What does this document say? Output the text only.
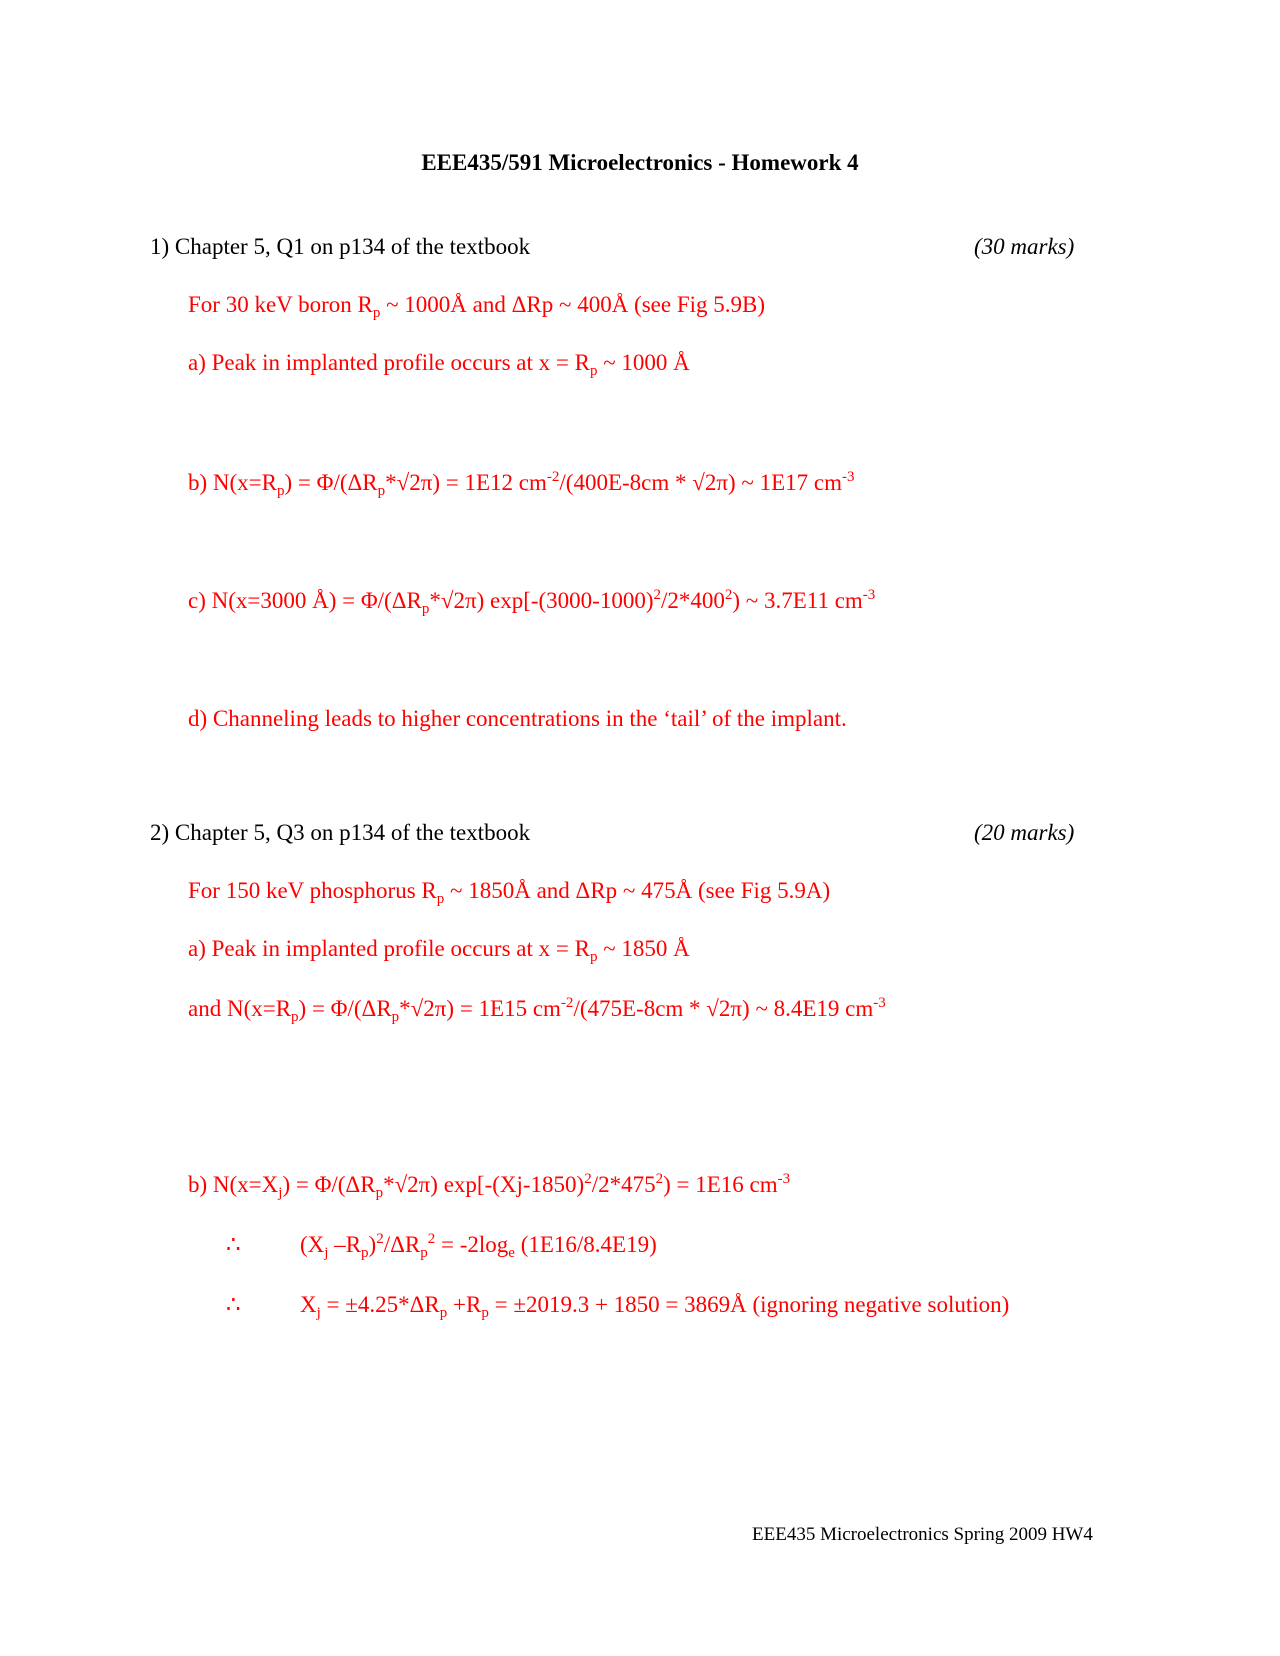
EEE435/591 Microelectronics - Homework 4
1) Chapter 5, Q1 on p134 of the textbook	(30 marks)
For 30 keV boron $R_p$ ~ 1000Å and ΔRp ~ 400Å (see Fig 5.9B)
a) Peak in implanted profile occurs at $x = R_p$ ~ 1000 Å
b) $N(x=R_p) = \Phi/(\Delta R_p*√2\pi) = 1E12$ $cm^{-2}/(400E-8cm * √2\pi)$ ~ 1E17 $cm^{-3}$
c) N(x=3000 Å) = $\Phi/(\Delta R_p*√2\pi)$ $\exp[-(3000-1000)^2/2*400^2)$ ~ 3.7E11 $cm^{-3}$
d) Channeling leads to higher concentrations in the ‘tail’ of the implant.
2) Chapter 5, Q3 on p134 of the textbook	(20 marks)
For 150 keV phosphorus $R_p$ ~ 1850Å and ΔRp ~ 475Å (see Fig 5.9A)
a) Peak in implanted profile occurs at $x = R_p$ ~ 1850 Å
and $N(x=R_p) = \Phi/(\Delta R_p*√2\pi) = 1E15$ $cm^{-2}/(475E-8cm * √2\pi)$ ~ 8.4E19 $cm^{-3}$
b) $N(x=X_j) = \Phi/(\Delta R_p*√2\pi) \exp[-(Xj-1850)^2/2*475^2) = 1E16$ $cm^{-3}$
∴	($X_j$ $-R_p)^2/\Delta R_p^2 = -2\log_e$ (1E16/8.4E19)
∴	$X_j = \pm 4.25*\Delta R_p +R_p = \pm 2019.3 + 1850$ = 3869Å (ignoring negative solution)
EEE435 Microelectronics Spring 2009 HW4
